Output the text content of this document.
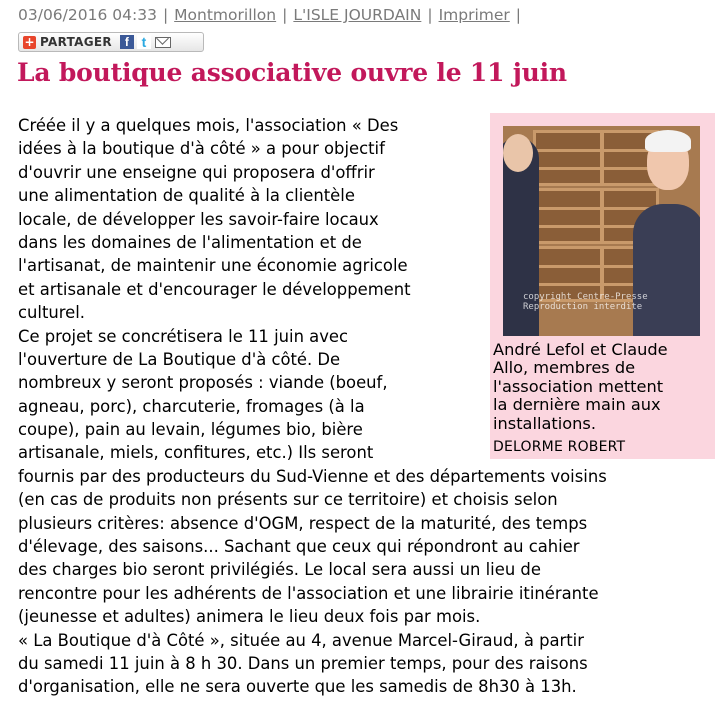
03/06/2016 04:33 | Montmorillon | L'ISLE JOURDAIN | Imprimer |
+ PARTAGER	f t
La boutique associative ouvre le 11 juin
Créée il y a quelques mois, l'association « Des
idées à la boutique d'à côté » a pour objectif
d'ouvrir une enseigne qui proposera d'offrir
une alimentation de qualité à la clientèle
locale, de développer les savoir-faire locaux
dans les domaines de l'alimentation et de
l'artisanat, de maintenir une économie agricole
et artisanale et d'encourager le développement
culturel.
Ce projet se concrétisera le 11 juin avec
l'ouverture de La Boutique d'à côté. De
nombreux y seront proposés : viande (boeuf,
agneau, porc), charcuterie, fromages (à la
coupe), pain au levain, légumes bio, bière
artisanale, miels, confitures, etc.) Ils seront
fournis par des producteurs du Sud-Vienne et des départements voisins
(en cas de produits non présents sur ce territoire) et choisis selon
plusieurs critères: absence d'OGM, respect de la maturité, des temps
d'élevage, des saisons... Sachant que ceux qui répondront au cahier
des charges bio seront privilégiés. Le local sera aussi un lieu de
rencontre pour les adhérents de l'association et une librairie itinérante
(jeunesse et adultes) animera le lieu deux fois par mois.
« La Boutique d'à Côté », située au 4, avenue Marcel-Giraud, à partir
du samedi 11 juin à 8 h 30. Dans un premier temps, pour des raisons
d'organisation, elle ne sera ouverte que les samedis de 8h30 à 13h.
copyright Centre-Presse
Reproduction interdite
André Lefol et Claude
Allo, membres de
l'association mettent
la dernière main aux
installations.
DELORME ROBERT
